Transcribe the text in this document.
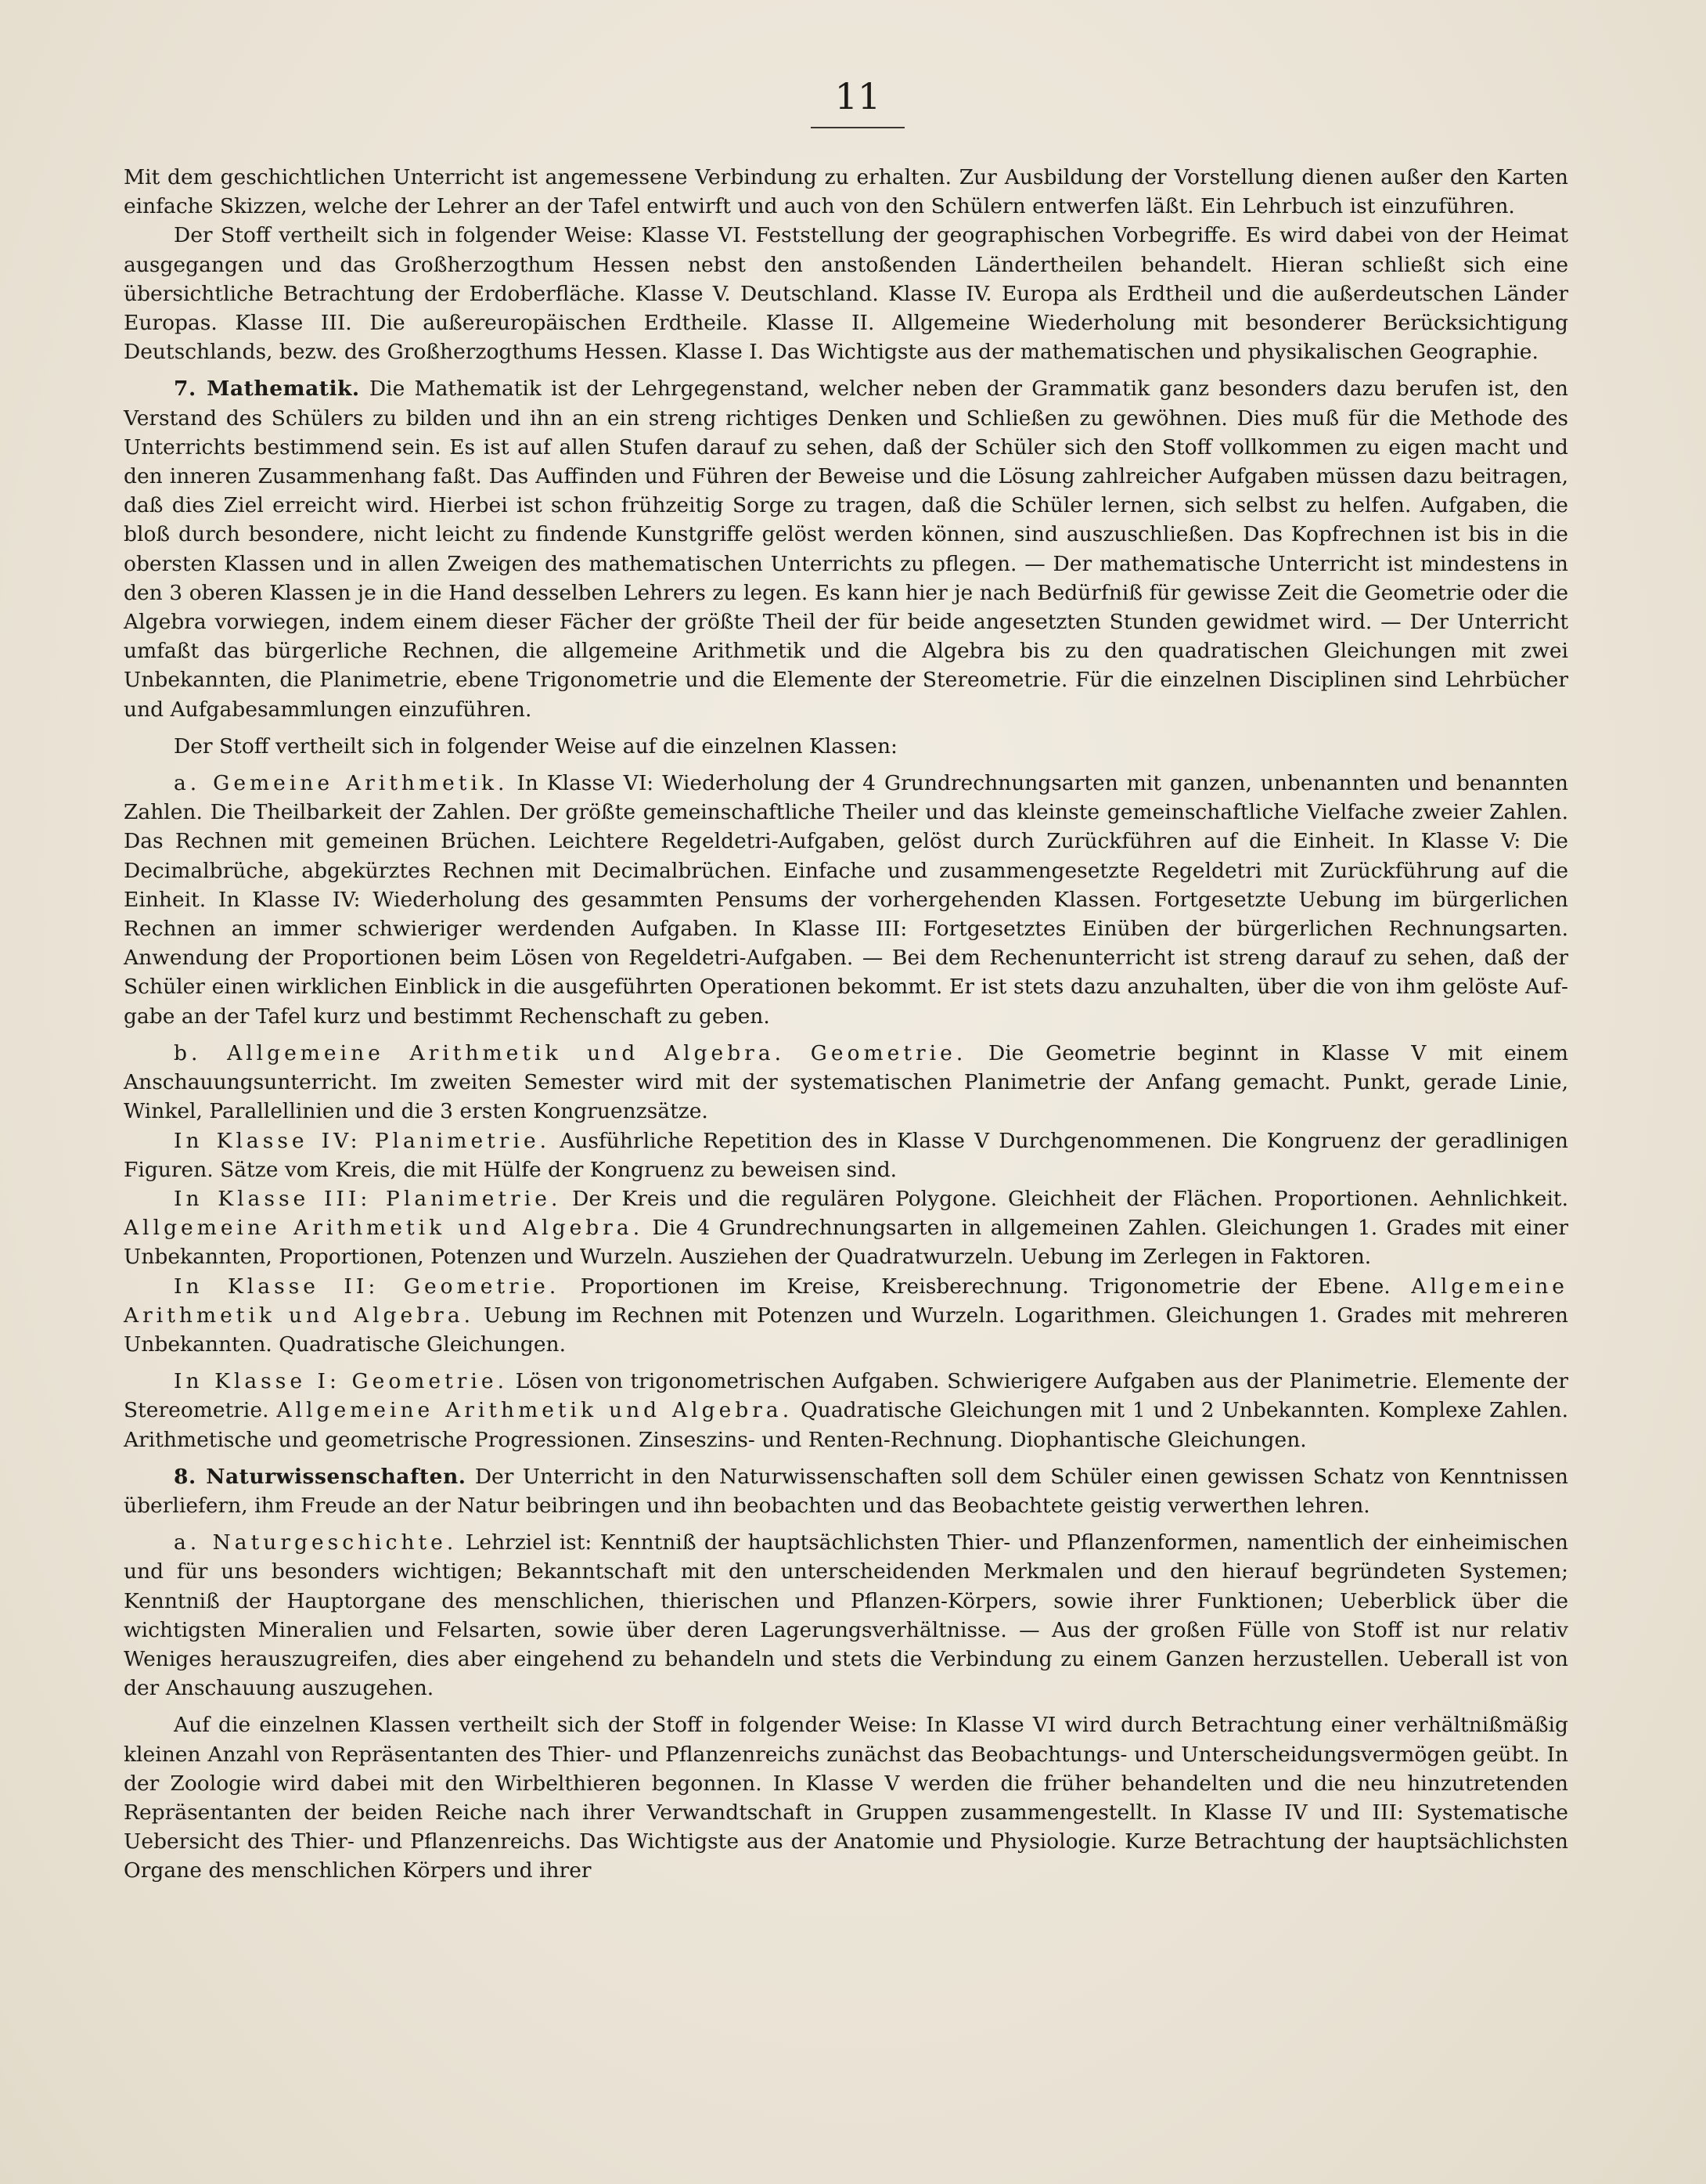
11

Mit dem geschichtlichen Unterricht ist angemessene Verbindung zu erhalten. Zur Ausbildung der Vorstellung dienen außer den Karten einfache Skizzen, welche der Lehrer an der Tafel entwirft und auch von den Schülern entwerfen läßt. Ein Lehrbuch ist einzuführen.

Der Stoff vertheilt sich in folgender Weise: Klasse VI. Feststellung der geographischen Vorbegriffe. Es wird dabei von der Heimat ausgegangen und das Großherzogthum Hessen nebst den anstoßenden Ländertheilen behandelt. Hieran schließt sich eine übersichtliche Betrachtung der Erdoberfläche. Klasse V. Deutschland. Klasse IV. Europa als Erdtheil und die außerdeutschen Länder Europas. Klasse III. Die außereuropäischen Erdtheile. Klasse II. Allgemeine Wiederholung mit besonderer Berücksichtigung Deutschlands, bezw. des Großherzogthums Hessen. Klasse I. Das Wichtigste aus der mathematischen und physikalischen Geographie.

7. Mathematik. Die Mathematik ist der Lehrgegenstand, welcher neben der Grammatik ganz besonders dazu berufen ist, den Verstand des Schülers zu bilden und ihn an ein streng richtiges Denken und Schließen zu gewöhnen. Dies muß für die Methode des Unterrichts bestimmend sein. Es ist auf allen Stufen darauf zu sehen, daß der Schüler sich den Stoff vollkommen zu eigen macht und den inneren Zusammenhang faßt. Das Auffinden und Führen der Beweise und die Lösung zahlreicher Aufgaben müssen dazu beitragen, daß dies Ziel erreicht wird. Hierbei ist schon frühzeitig Sorge zu tragen, daß die Schüler lernen, sich selbst zu helfen. Aufgaben, die bloß durch besondere, nicht leicht zu findende Kunstgriffe gelöst werden können, sind auszuschließen. Das Kopfrechnen ist bis in die obersten Klassen und in allen Zweigen des mathematischen Unterrichts zu pflegen. — Der mathematische Unterricht ist mindestens in den 3 oberen Klassen je in die Hand desselben Lehrers zu legen. Es kann hier je nach Bedürfniß für gewisse Zeit die Geometrie oder die Algebra vorwiegen, indem einem dieser Fächer der größte Theil der für beide angesetzten Stunden gewidmet wird. — Der Unterricht umfaßt das bürgerliche Rechnen, die allgemeine Arithmetik und die Algebra bis zu den quadratischen Gleichungen mit zwei Unbekannten, die Planimetrie, ebene Trigonometrie und die Elemente der Stereometrie. Für die einzelnen Disciplinen sind Lehrbücher und Aufgabesammlungen einzuführen.

Der Stoff vertheilt sich in folgender Weise auf die einzelnen Klassen:

a. Gemeine Arithmetik. In Klasse VI: Wiederholung der 4 Grundrechnungsarten mit ganzen, unbenannten und benannten Zahlen. Die Theilbarkeit der Zahlen. Der größte gemeinschaftliche Theiler und das kleinste gemeinschaftliche Vielfache zweier Zahlen. Das Rechnen mit gemeinen Brüchen. Leichtere Regeldetri-Aufgaben, gelöst durch Zurückführen auf die Einheit. In Klasse V: Die Decimalbrüche, abgekürztes Rechnen mit Decimalbrüchen. Einfache und zusammengesetzte Regeldetri mit Zurückführung auf die Einheit. In Klasse IV: Wiederholung des gesammten Pensums der vorhergehenden Klassen. Fortgesetzte Uebung im bürgerlichen Rechnen an immer schwieriger werdenden Aufgaben. In Klasse III: Fortgesetztes Einüben der bürgerlichen Rechnungsarten. Anwendung der Proportionen beim Lösen von Regeldetri-Aufgaben. — Bei dem Rechenunterricht ist streng darauf zu sehen, daß der Schüler einen wirklichen Einblick in die ausgeführten Operationen bekommt. Er ist stets dazu anzuhalten, über die von ihm gelöste Aufgabe an der Tafel kurz und bestimmt Rechenschaft zu geben.

b. Allgemeine Arithmetik und Algebra. Geometrie. Die Geometrie beginnt in Klasse V mit einem Anschauungsunterricht. Im zweiten Semester wird mit der systematischen Planimetrie der Anfang gemacht. Punkt, gerade Linie, Winkel, Parallellinien und die 3 ersten Kongruenzsätze.

In Klasse IV: Planimetrie. Ausführliche Repetition des in Klasse V Durchgenommenen. Die Kongruenz der geradlinigen Figuren. Sätze vom Kreis, die mit Hülfe der Kongruenz zu beweisen sind.

In Klasse III: Planimetrie. Der Kreis und die regulären Polygone. Gleichheit der Flächen. Proportionen. Aehnlichkeit. Allgemeine Arithmetik und Algebra. Die 4 Grundrechnungsarten in allgemeinen Zahlen. Gleichungen 1. Grades mit einer Unbekannten, Proportionen, Potenzen und Wurzeln. Ausziehen der Quadratwurzeln. Uebung im Zerlegen in Faktoren.

In Klasse II: Geometrie. Proportionen im Kreise, Kreisberechnung. Trigonometrie der Ebene. Allgemeine Arithmetik und Algebra. Uebung im Rechnen mit Potenzen und Wurzeln. Logarithmen. Gleichungen 1. Grades mit mehreren Unbekannten. Quadratische Gleichungen.

In Klasse I: Geometrie. Lösen von trigonometrischen Aufgaben. Schwierigere Aufgaben aus der Planimetrie. Elemente der Stereometrie. Allgemeine Arithmetik und Algebra. Quadratische Gleichungen mit 1 und 2 Unbekannten. Komplexe Zahlen. Arithmetische und geometrische Progressionen. Zinseszins- und Renten-Rechnung. Diophantische Gleichungen.

8. Naturwissenschaften. Der Unterricht in den Naturwissenschaften soll dem Schüler einen gewissen Schatz von Kenntnissen überliefern, ihm Freude an der Natur beibringen und ihn beobachten und das Beobachtete geistig verwerthen lehren.

a. Naturgeschichte. Lehrziel ist: Kenntniß der hauptsächlichsten Thier- und Pflanzenformen, namentlich der einheimischen und für uns besonders wichtigen; Bekanntschaft mit den unterscheidenden Merkmalen und den hierauf begründeten Systemen; Kenntniß der Hauptorgane des menschlichen, thierischen und Pflanzen-Körpers, sowie ihrer Funktionen; Ueberblick über die wichtigsten Mineralien und Felsarten, sowie über deren Lagerungsverhältnisse. — Aus der großen Fülle von Stoff ist nur relativ Weniges herauszugreifen, dies aber eingehend zu behandeln und stets die Verbindung zu einem Ganzen herzustellen. Ueberall ist von der Anschauung auszugehen.

Auf die einzelnen Klassen vertheilt sich der Stoff in folgender Weise: In Klasse VI wird durch Betrachtung einer verhältnißmäßig kleinen Anzahl von Repräsentanten des Thier- und Pflanzenreichs zunächst das Beobachtungs- und Unterscheidungsvermögen geübt. In der Zoologie wird dabei mit den Wirbelthieren begonnen. In Klasse V werden die früher behandelten und die neu hinzutretenden Repräsentanten der beiden Reiche nach ihrer Verwandtschaft in Gruppen zusammengestellt. In Klasse IV und III: Systematische Uebersicht des Thier- und Pflanzenreichs. Das Wichtigste aus der Anatomie und Physiologie. Kurze Betrachtung der hauptsächlichsten Organe des menschlichen Körpers und ihrer
